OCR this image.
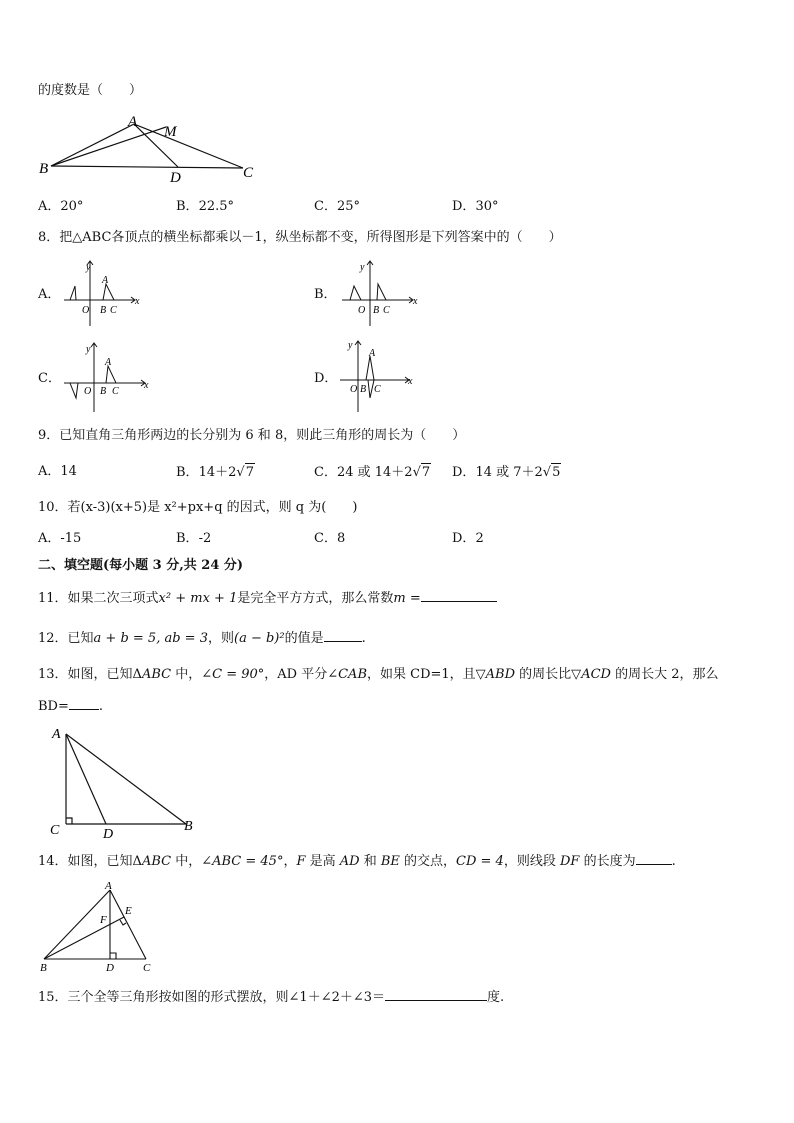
的度数是（　　）
A
M
B
D	C
A．20°	B．22.5°	C．25°	D．30°
8．把△ABC各顶点的横坐标都乘以－1，纵坐标都不变，所得图形是下列答案中的（　　）
A．
y
x
O
A
B C
B．
y
x
O B C
C．
y
x
O
A
B C
D．
y
x
O
A
B C
9．已知直角三角形两边的长分别为 6 和 8，则此三角形的周长为（　　）
A．14	B．14＋2√7	C．24 或 14＋2√7 D．14 或 7＋2√5
10．若(x-3)(x+5)是 x²+px+q 的因式，则 q 为(　　)
A．-15	B．-2	C．8	D．2
二、填空题(每小题 3 分,共 24 分)
11．如果二次三项式x² + mx + 1是完全平方方式，那么常数m =
12．已知a + b = 5, ab = 3，则(a − b)²的值是	.
13．如图，已知ΔABC 中，∠C = 90°，AD 平分∠CAB，如果 CD=1，且▽ABD 的周长比▽ACD 的周长大 2，那么
BD= .
A
C	D
B
14．如图，已知ΔABC 中，∠ABC = 45°，F 是高 AD 和 BE 的交点，CD = 4，则线段 DF 的长度为	.
A
E
F
B	D	C
15．三个全等三角形按如图的形式摆放，则∠1＋∠2＋∠3＝	度.
